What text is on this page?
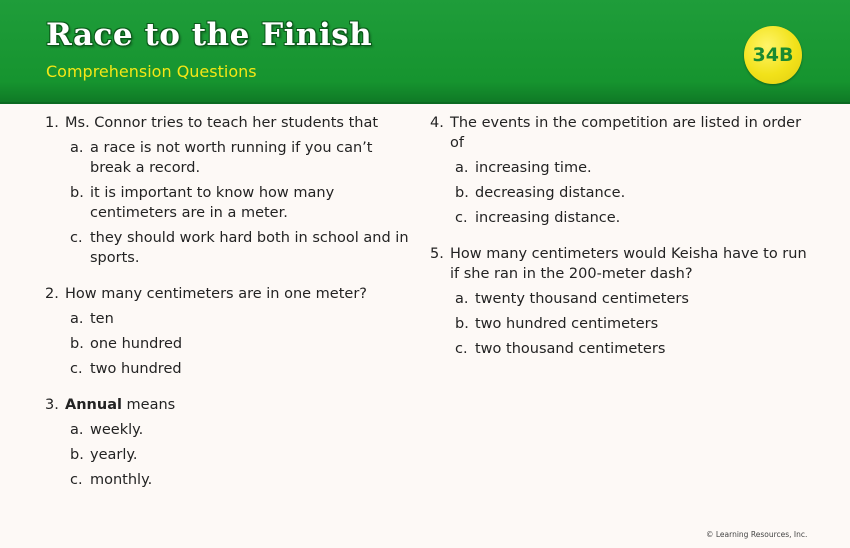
Race to the Finish
Comprehension Questions
34B
1. Ms. Connor tries to teach her students that
a. a race is not worth running if you can’t break a record.
b. it is important to know how many centimeters are in a meter.
c. they should work hard both in school and in sports.
2. How many centimeters are in one meter?
a. ten
b. one hundred
c. two hundred
3. Annual means
a. weekly.
b. yearly.
c. monthly.
4. The events in the competition are listed in order of
a. increasing time.
b. decreasing distance.
c. increasing distance.
5. How many centimeters would Keisha have to run if she ran in the 200-meter dash?
a. twenty thousand centimeters
b. two hundred centimeters
c. two thousand centimeters
© Learning Resources, Inc.
